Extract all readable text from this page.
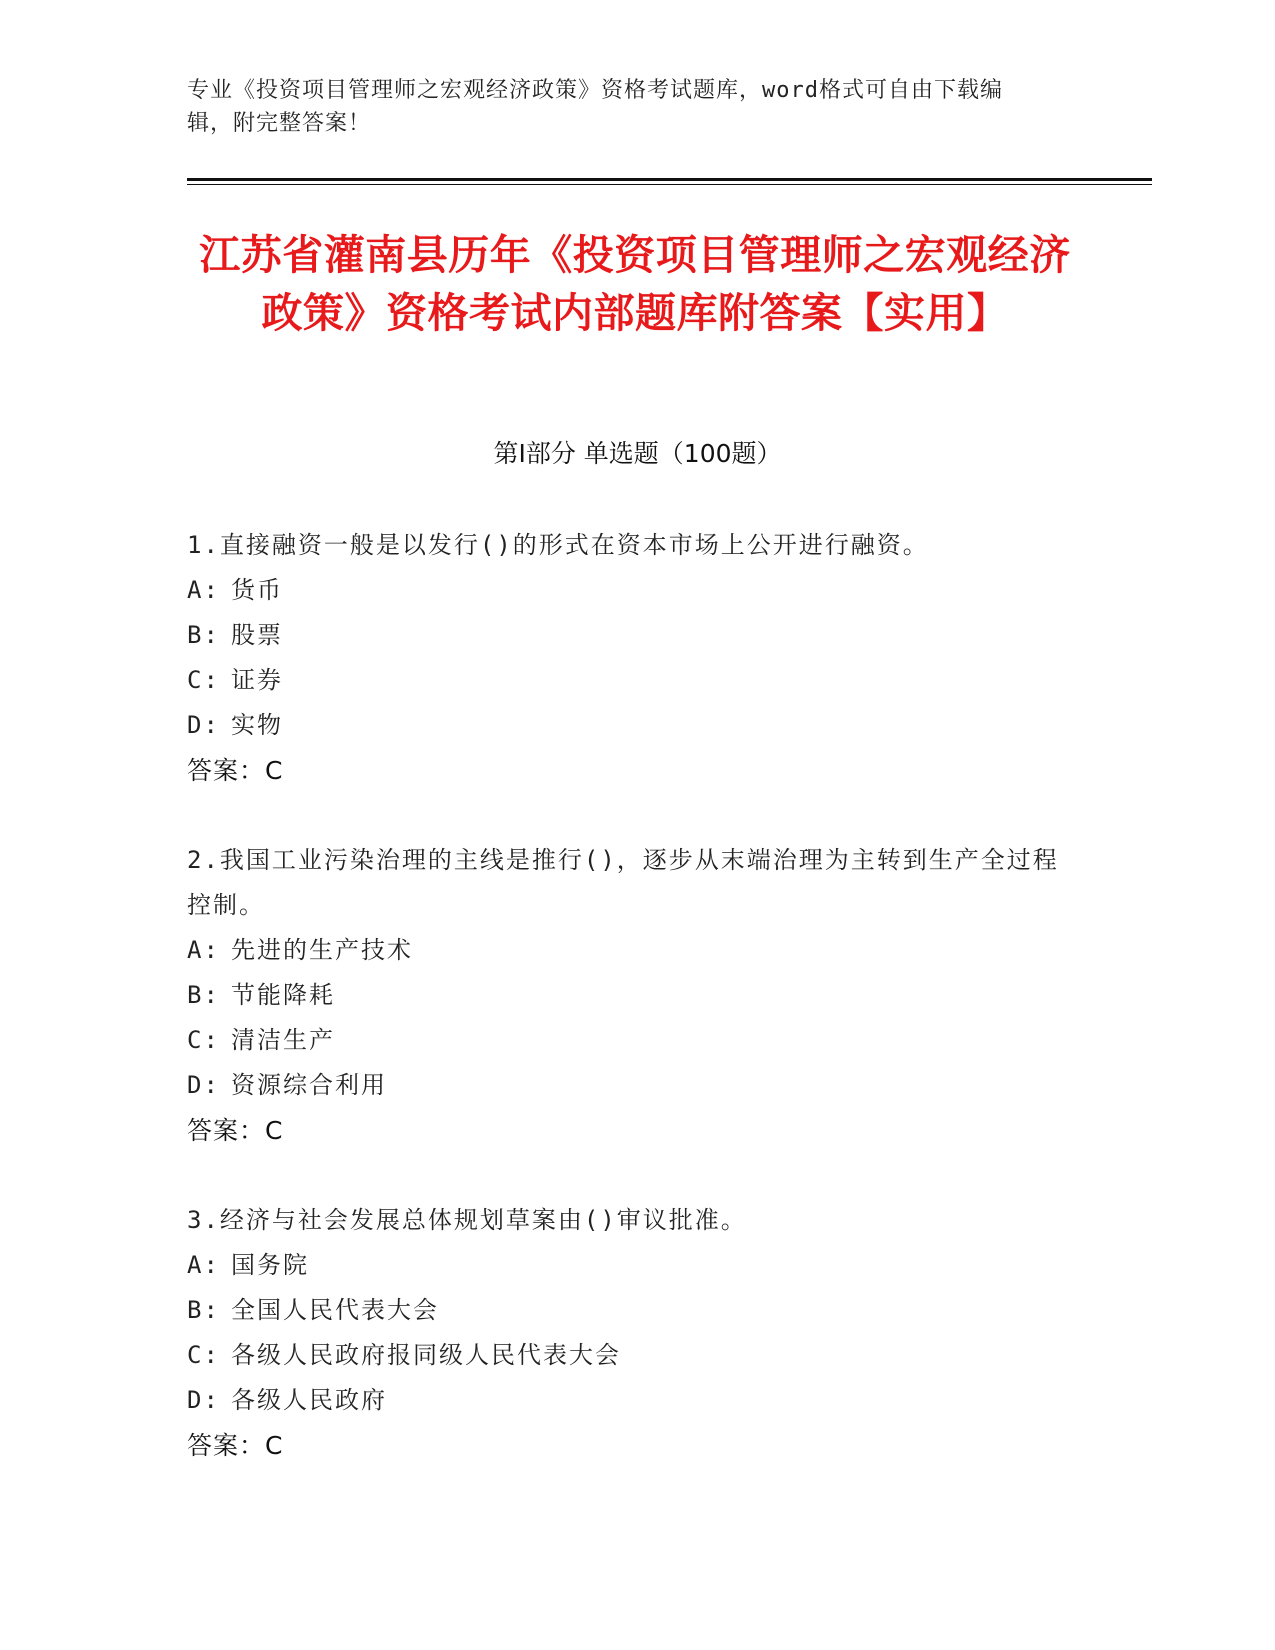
专业《投资项目管理师之宏观经济政策》资格考试题库，word格式可自由下载编
辑，附完整答案！
江苏省灌南县历年《投资项目管理师之宏观经济政策》资格考试内部题库附答案【实用】
第Ⅰ部分 单选题（100题）

1.直接融资一般是以发行()的形式在资本市场上公开进行融资。

A: 货币

B: 股票

C: 证券

D: 实物

答案：C

2.我国工业污染治理的主线是推行()，逐步从末端治理为主转到生产全过程控制。

A: 先进的生产技术

B: 节能降耗

C: 清洁生产

D: 资源综合利用

答案：C

3.经济与社会发展总体规划草案由()审议批准。

A: 国务院

B: 全国人民代表大会

C: 各级人民政府报同级人民代表大会

D: 各级人民政府

答案：C
